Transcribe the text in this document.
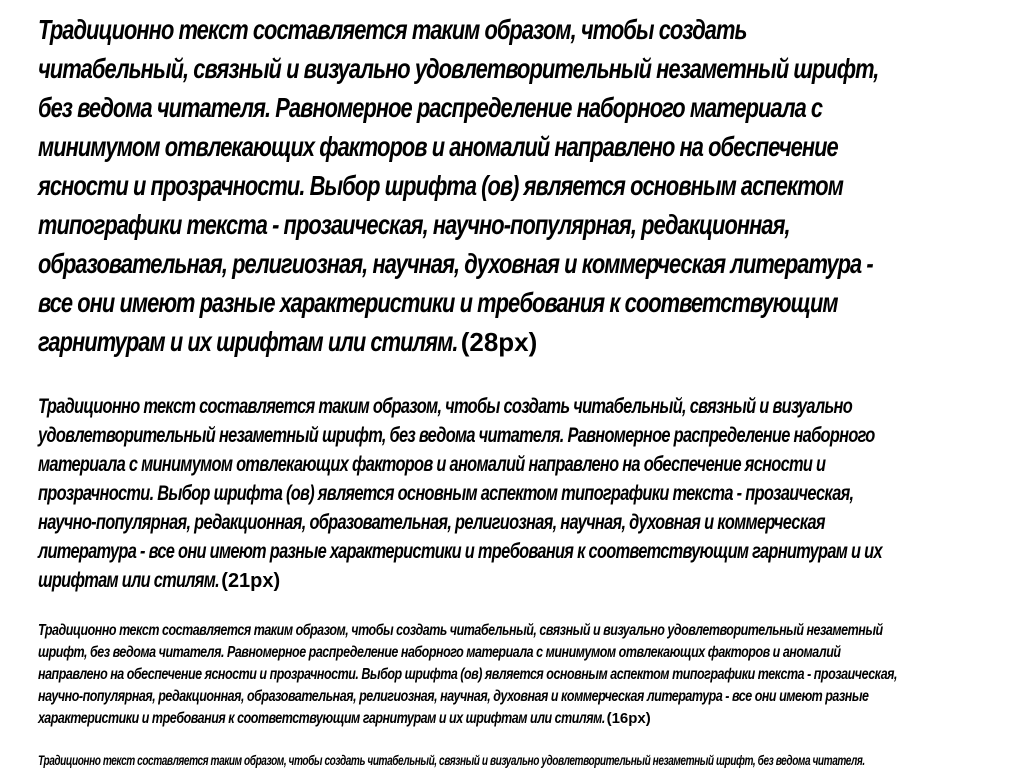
Традиционно текст составляется таким образом, чтобы создать
читабельный, связный и визуально удовлетворительный незаметный шрифт,
без ведома читателя. Равномерное распределение наборного материала с
минимумом отвлекающих факторов и аномалий направлено на обеспечение
ясности и прозрачности. Выбор шрифта (ов) является основным аспектом
типографики текста - прозаическая, научно-популярная, редакционная,
образовательная, религиозная, научная, духовная и коммерческая литература -
все они имеют разные характеристики и требования к соответствующим
гарнитурам и их шрифтам или стилям. (28px)
Традиционно текст составляется таким образом, чтобы создать читабельный, связный и визуально
удовлетворительный незаметный шрифт, без ведома читателя. Равномерное распределение наборного
материала с минимумом отвлекающих факторов и аномалий направлено на обеспечение ясности и
прозрачности. Выбор шрифта (ов) является основным аспектом типографики текста - прозаическая,
научно-популярная, редакционная, образовательная, религиозная, научная, духовная и коммерческая
литература - все они имеют разные характеристики и требования к соответствующим гарнитурам и их
шрифтам или стилям. (21px)
Традиционно текст составляется таким образом, чтобы создать читабельный, связный и визуально удовлетворительный незаметный
шрифт, без ведома читателя. Равномерное распределение наборного материала с минимумом отвлекающих факторов и аномалий
направлено на обеспечение ясности и прозрачности. Выбор шрифта (ов) является основным аспектом типографики текста - прозаическая,
научно-популярная, редакционная, образовательная, религиозная, научная, духовная и коммерческая литература - все они имеют разные
характеристики и требования к соответствующим гарнитурам и их шрифтам или стилям. (16px)
Традиционно текст составляется таким образом, чтобы создать читабельный, связный и визуально удовлетворительный незаметный шрифт, без ведома читателя.
